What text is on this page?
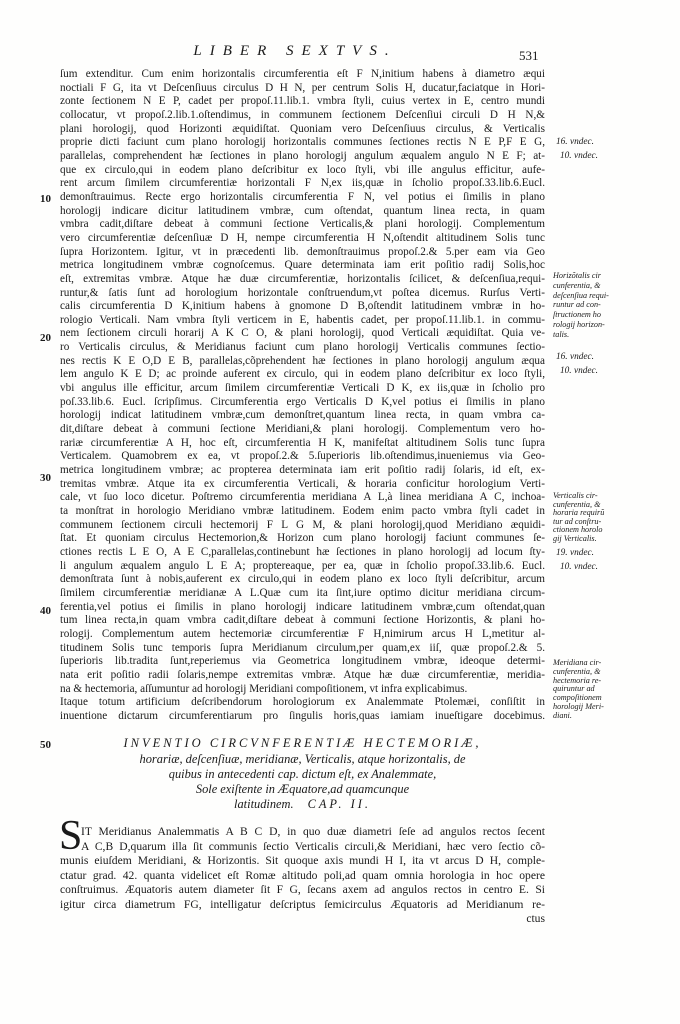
LIBER SEXTVS.	531
10
20
30
40
50
ſum extenditur. Cum enim horizontalis circumferentia eſt F N,initium habens à diametro æqui
noctiali F G, ita vt Deſcenſiuus circulus D H N, per centrum Solis H, ducatur,faciatque in Hori-
zonte ſectionem N E P, cadet per propoſ.11.lib.1. vmbra ſtyli, cuius vertex in E, centro mundi
collocatur, vt propoſ.2.lib.1.oſtendimus, in communem ſectionem Deſcenſiui circuli D H N,&
plani horologij, quod Horizonti æquidiſtat. Quoniam vero Deſcenſiuus circulus, & Verticalis
proprie dicti faciunt cum plano horologij horizontalis communes ſectiones rectis N E P,F E G,
parallelas, comprehendent hæ ſectiones in plano horologij angulum æqualem angulo N E F; at-
que ex circulo,qui in eodem plano deſcribitur ex loco ſtyli, vbi ille angulus efficitur, aufe-
rent arcum ſimilem circumferentiæ horizontali F N,ex iis,quæ in ſcholio propoſ.33.lib.6.Eucl.
demonſtrauimus. Recte ergo horizontalis circumferentia F N, vel potius ei ſimilis in plano
horologij indicare dicitur latitudinem vmbræ, cum oſtendat, quantum linea recta, in quam
vmbra cadit,diſtare debeat à communi ſectione Verticalis,& plani horologij. Complementum
vero circumferentiæ deſcenſiuæ D H, nempe circumferentia H N,oſtendit altitudinem Solis tunc
ſupra Horizontem. Igitur, vt in præcedenti lib. demonſtrauimus propoſ.2.& 5.per eam via Geo
metrica longitudinem vmbræ cognoſcemus. Quare determinata iam erit poſitio radij Solis,hoc
eſt, extremitas vmbræ. Atque hæ duæ circumferentiæ, horizontalis ſcilicet, & deſcenſiua,requi-
runtur,& ſatis ſunt ad horologium horizontale conſtruendum,vt poſtea dicemus. Rurſus Verti-
calis circumferentia D K,initium habens à gnomone D B,oſtendit latitudinem vmbræ in ho-
rologio Verticali. Nam vmbra ſtyli verticem in E, habentis cadet, per propoſ.11.lib.1. in commu-
nem ſectionem circuli horarij A K C O, & plani horologij, quod Verticali æquidiſtat. Quia ve-
ro Verticalis circulus, & Meridianus faciunt cum plano horologij Verticalis communes ſectio-
nes rectis K E O,D E B, parallelas,cõprehendent hæ ſectiones in plano horologij angulum æqua
lem angulo K E D; ac proinde auferent ex circulo, qui in eodem plano deſcribitur ex loco ſtyli,
vbi angulus ille efficitur, arcum ſimilem circumferentiæ Verticali D K, ex iis,quæ in ſcholio pro
poſ.33.lib.6. Eucl. ſcripſimus. Circumferentia ergo Verticalis D K,vel potius ei ſimilis in plano
horologij indicat latitudinem vmbræ,cum demonſtret,quantum linea recta, in quam vmbra ca-
dit,diſtare debeat à communi ſectione Meridiani,& plani horologij. Complementum vero ho-
rariæ circumferentiæ A H, hoc eſt, circumferentia H K, manifeſtat altitudinem Solis tunc ſupra
Verticalem. Quamobrem ex ea, vt propoſ.2.& 5.ſuperioris lib.oſtendimus,inueniemus via Geo-
metrica longitudinem vmbræ; ac propterea determinata iam erit poſitio radij ſolaris, id eſt, ex-
tremitas vmbræ. Atque ita ex circumferentia Verticali, & horaria conficitur horologium Verti-
cale, vt ſuo loco dicetur. Poſtremo circumferentia meridiana A L,à linea meridiana A C, inchoa-
ta monſtrat in horologio Meridiano vmbræ latitudinem. Eodem enim pacto vmbra ſtyli cadet in
communem ſectionem circuli hectemorij F L G M, & plani horologij,quod Meridiano æquidi-
ſtat. Et quoniam circulus Hectemorion,& Horizon cum plano horologij faciunt communes ſe-
ctiones rectis L E O, A E C,parallelas,continebunt hæ ſectiones in plano horologij ad locum ſty-
li angulum æqualem angulo L E A; proptereaque, per ea, quæ in ſcholio propoſ.33.lib.6. Eucl.
demonſtrata ſunt à nobis,auferent ex circulo,qui in eodem plano ex loco ſtyli deſcribitur, arcum
ſimilem circumferentiæ meridianæ A L.Quæ cum ita ſint,iure optimo dicitur meridiana circum-
ferentia,vel potius ei ſimilis in plano horologij indicare latitudinem vmbræ,cum oſtendat,quan
tum linea recta,in quam vmbra cadit,diſtare debeat à communi ſectione Horizontis, & plani ho-
rologij. Complementum autem hectemoriæ circumferentiæ F H,nimirum arcus H L,metitur al-
titudinem Solis tunc temporis ſupra Meridianum circulum,per quam,ex iiſ, quæ propoſ.2.& 5.
ſuperioris lib.tradita ſunt,reperiemus via Geometrica longitudinem vmbræ, ideoque determi-
nata erit poſitio radii ſolaris,nempe extremitas vmbræ. Atque hæ duæ circumferentiæ, meridia-
na & hectemoria, aſſumuntur ad horologij Meridiani compoſitionem, vt infra explicabimus.
Itaque totum artificium deſcribendorum horologiorum ex Analemmate Ptolemæi, conſiſtit in
inuentione dictarum circumferentiarum pro ſingulis horis,quas iamiam inueſtigare docebimus.
16. vndec.
10. vndec.
Horizõtalis cir
cunferentia, &
deſcenſiua requi-
runtur ad con-
ſtructionem ho
rologij horizon-
talis.
16. vndec.
10. vndec.
Verticalis cir-
cunferentia, &
horaria requirũ
tur ad conſtru-
ctionem horolo
gij Verticalis.
19. vndec.
10. vndec.
Meridiana cir-
cunferentia, &
hectemoria re-
quiruntur ad
compoſitionem
horologij Meri-
diani.
INVENTIO CIRCVNFERENTIÆ HECTEMORIÆ,
horariæ, deſcenſiuæ, meridianæ, Verticalis, atque horizontalis, de
quibus in antecedenti cap. dictum eſt, ex Analemmate,
Sole exiſtente in Æquatore,ad quamcunque
latitudinem. CAP. II.
S
IT Meridianus Analemmatis A B C D, in quo duæ diametri ſeſe ad angulos rectos ſecent
A C,B D,quarum illa ſit communis ſectio Verticalis circuli,& Meridiani, hæc vero ſectio cõ-
munis eiuſdem Meridiani, & Horizontis. Sit quoque axis mundi H I, ita vt arcus D H, comple-
ctatur grad. 42. quanta videlicet eſt Romæ altitudo poli,ad quam omnia horologia in hoc opere
conſtruimus. Æquatoris autem diameter ſit F G, ſecans axem ad angulos rectos in centro E. Si
igitur circa diametrum FG, intelligatur deſcriptus ſemicirculus Æquatoris ad Meridianum re-
ctus
